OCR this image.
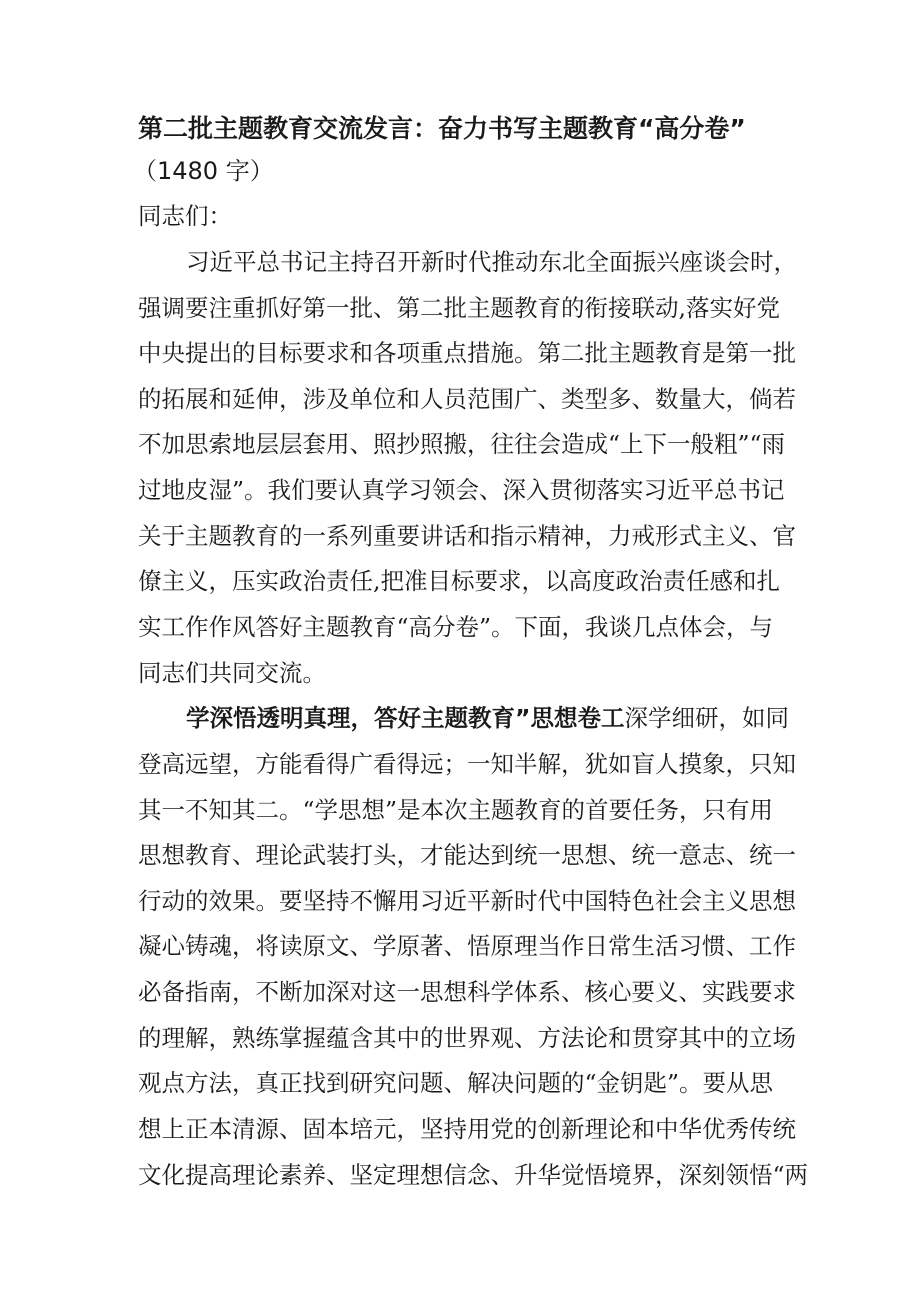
第二批主题教育交流发言：奋力书写主题教育“高分卷”
（1480 字）
同志们：
习近平总书记主持召开新时代推动东北全面振兴座谈会时，
强调要注重抓好第一批、第二批主题教育的衔接联动,落实好党
中央提出的目标要求和各项重点措施。第二批主题教育是第一批
的拓展和延伸，涉及单位和人员范围广、类型多、数量大，倘若
不加思索地层层套用、照抄照搬，往往会造成“上下一般粗”“雨
过地皮湿”。我们要认真学习领会、深入贯彻落实习近平总书记
关于主题教育的一系列重要讲话和指示精神，力戒形式主义、官
僚主义，压实政治责任,把准目标要求，以高度政治责任感和扎
实工作作风答好主题教育“高分卷”。下面，我谈几点体会，与
同志们共同交流。
学深悟透明真理，答好主题教育”思想卷工深学细研，如同
登高远望，方能看得广看得远；一知半解，犹如盲人摸象，只知
其一不知其二。“学思想”是本次主题教育的首要任务，只有用
思想教育、理论武装打头，才能达到统一思想、统一意志、统一
行动的效果。要坚持不懈用习近平新时代中国特色社会主义思想
凝心铸魂，将读原文、学原著、悟原理当作日常生活习惯、工作
必备指南，不断加深对这一思想科学体系、核心要义、实践要求
的理解，熟练掌握蕴含其中的世界观、方法论和贯穿其中的立场
观点方法，真正找到研究问题、解决问题的“金钥匙”。要从思
想上正本清源、固本培元，坚持用党的创新理论和中华优秀传统
文化提高理论素养、坚定理想信念、升华觉悟境界，深刻领悟“两
